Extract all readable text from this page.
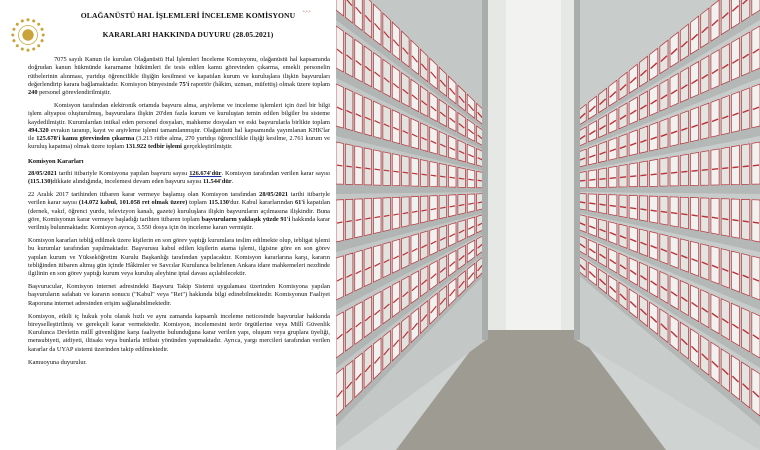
•.•.•
OLAĞANÜSTÜ HAL İŞLEMLERİ İNCELEME KOMİSYONU
KARARLARI HAKKINDA DUYURU (28.05.2021)

7075 sayılı Kanun ile kurulan Olağanüstü Hal İşlemleri İnceleme Komisyonu, olağanüstü hal kapsamında doğrudan kanun hükmünde kararname hükümleri ile tesis edilen kamu görevinden çıkarma, emekli personelin rütbelerinin alınması, yurtdışı öğrencilikle ilişiğin kesilmesi ve kapatılan kurum ve kuruluşlara ilişkin başvuruları değerlendirip karara bağlamaktadır. Komisyon bünyesinde 75'i raportör (hâkim, uzman, müfettiş) olmak üzere toplam 240 personel görevlendirilmiştir.

Komisyon tarafından elektronik ortamda başvuru alma, arşivleme ve inceleme işlemleri için özel bir bilgi işlem altyapısı oluşturulmuş, başvurulara ilişkin 20'den fazla kurum ve kuruluştan temin edilen bilgiler bu sisteme kaydedilmiştir. Kurumlardan intikal eden personel dosyaları, mahkeme dosyaları ve eski başvurularla birlikte toplam 494.320 evrakın taranıp, kayıt ve arşivleme işlemi tamamlanmıştır. Olağanüstü hal kapsamında yayımlanan KHK'lar ile 125.678'i kamu görevinden çıkarma (3.213 rütbe alma, 270 yurtdışı öğrencilikle ilişiği kesilme, 2.761 kurum ve kuruluş kapatma) olmak üzere toplam 131.922 tedbir işlemi gerçekleştirilmiştir.

Komisyon Kararları

28/05/2021 tarihi itibariyle Komisyona yapılan başvuru sayısı 126.674'dür. Komisyon tarafından verilen karar sayısı (115.130)dikkate alındığında, incelemesi devam eden başvuru sayısı 11.544'dür.

22 Aralık 2017 tarihinden itibaren karar vermeye başlamış olan Komisyon tarafından 28/05/2021 tarihi itibariyle verilen karar sayısı (14.072 kabul, 101.058 ret olmak üzere) toplam 115.130'dur. Kabul kararlarından 61'i kapatılan (dernek, vakıf, öğrenci yurdu, televizyon kanalı, gazete) kuruluşlara ilişkin başvuruların açılmasına ilişkindir. Buna göre, Komisyonun karar vermeye başladığı tarihten itibaren toplam başvuruların yaklaşık yüzde 91'i hakkında karar verilmiş bulunmaktadır. Komisyon ayrıca, 3.550 dosya için ön inceleme kararı vermiştir.

Komisyon kararları tebliğ edilmek üzere kişilerin en son görev yaptığı kurumlara teslim edilmekte olup, tebligat işlemi bu kurumlar tarafından yapılmaktadır. Başvurusu kabul edilen kişilerin atama işlemi, ilgisine göre en son görev yapılan kurum ve Yükseköğretim Kurulu Başkanlığı tarafından yapılacaktır. Komisyon kararlarına karşı, kararın tebliğinden itibaren altmış gün içinde Hâkimler ve Savcılar Kurulunca belirlenen Ankara idare mahkemeleri nezdinde ilgilinin en son görev yaptığı kurum veya kuruluş aleyhine iptal davası açılabilecektir.

Başvurucular, Komisyon internet adresindeki Başvuru Takip Sistemi uygulaması üzerinden Komisyona yapılan başvuruların safahatı ve kararın sonucu ("Kabul" veya "Ret") hakkında bilgi edinebilmektedir. Komisyonun Faaliyet Raporuna internet adresinden erişim sağlanabilmektedir.

Komisyon, etkili iç hukuk yolu olarak hızlı ve aynı zamanda kapsamlı inceleme neticesinde başvurular hakkında bireyselleştirilmiş ve gerekçeli karar vermektedir. Komisyon, incelemesini terör örgütlerine veya Millî Güvenlik Kurulunca Devletin millî güvenliğine karşı faaliyette bulunduğuna karar verilen yapı, oluşum veya gruplara üyeliği, mensubiyeti, aidiyeti, iltisakı veya bunlarla irtibatı yönünden yapmaktadır. Ayrıca, yargı mercileri tarafından verilen kararlar da UYAP sistemi üzerinden takip edilmektedir.

Kamuoyuna duyurulur.
